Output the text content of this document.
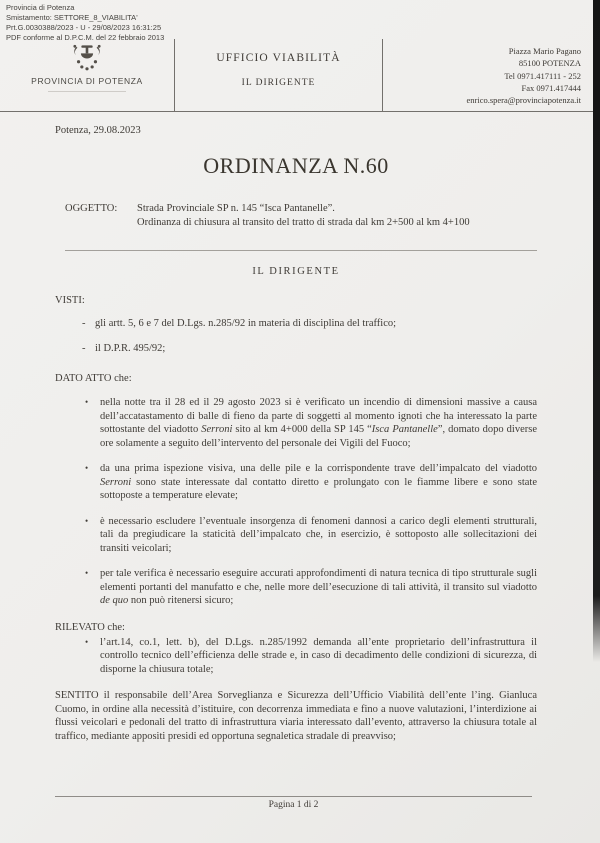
Provincia di Potenza
Smistamento: SETTORE_8_VIABILITA'
Prt.G.0030388/2023 - U - 29/08/2023 16:31:25
PDF conforme al D.P.C.M. del 22 febbraio 2013
PROVINCIA DI POTENZA
UFFICIO VIABILITÀ
IL DIRIGENTE
Piazza Mario Pagano
85100 POTENZA
Tel 0971.417111 - 252
Fax 0971.417444
enrico.spera@provinciapotenza.it
Potenza, 29.08.2023
ORDINANZA N.60
OGGETTO:	Strada Provinciale SP n. 145 “Isca Pantanelle”.
Ordinanza di chiusura al transito del tratto di strada dal km 2+500 al km 4+100
IL DIRIGENTE
VISTI:
- gli artt. 5, 6 e 7 del D.Lgs. n.285/92 in materia di disciplina del traffico;
- il D.P.R. 495/92;
DATO ATTO che:
•	nella notte tra il 28 ed il 29 agosto 2023 si è verificato un incendio di dimensioni massive a causa dell’accatastamento di balle di fieno da parte di soggetti al momento ignoti che ha interessato la parte sottostante del viadotto Serroni sito al km 4+000 della SP 145 “Isca Pantanelle”, domato dopo diverse ore solamente a seguito dell’intervento del personale dei Vigili del Fuoco;
•	da una prima ispezione visiva, una delle pile e la corrispondente trave dell’impalcato del viadotto Serroni sono state interessate dal contatto diretto e prolungato con le fiamme libere e sono state sottoposte a temperature elevate;
•	è necessario escludere l’eventuale insorgenza di fenomeni dannosi a carico degli elementi strutturali, tali da pregiudicare la staticità dell’impalcato che, in esercizio, è sottoposto alle sollecitazioni dei transiti veicolari;
•	per tale verifica è necessario eseguire accurati approfondimenti di natura tecnica di tipo strutturale sugli elementi portanti del manufatto e che, nelle more dell’esecuzione di tali attività, il transito sul viadotto de quo non può ritenersi sicuro;
RILEVATO che:
•	l’art.14, co.1, lett. b), del D.Lgs. n.285/1992 demanda all’ente proprietario dell’infrastruttura il controllo tecnico dell’efficienza delle strade e, in caso di decadimento delle condizioni di sicurezza, di disporne la chiusura totale;
SENTITO il responsabile dell’Area Sorveglianza e Sicurezza dell’Ufficio Viabilità dell’ente l’ing. Gianluca Cuomo, in ordine alla necessità d’istituire, con decorrenza immediata e fino a nuove valutazioni, l’interdizione ai flussi veicolari e pedonali del tratto di infrastruttura viaria interessato dall’evento, attraverso la chiusura totale al traffico, mediante appositi presidi ed opportuna segnaletica stradale di preavviso;
Pagina 1 di 2
